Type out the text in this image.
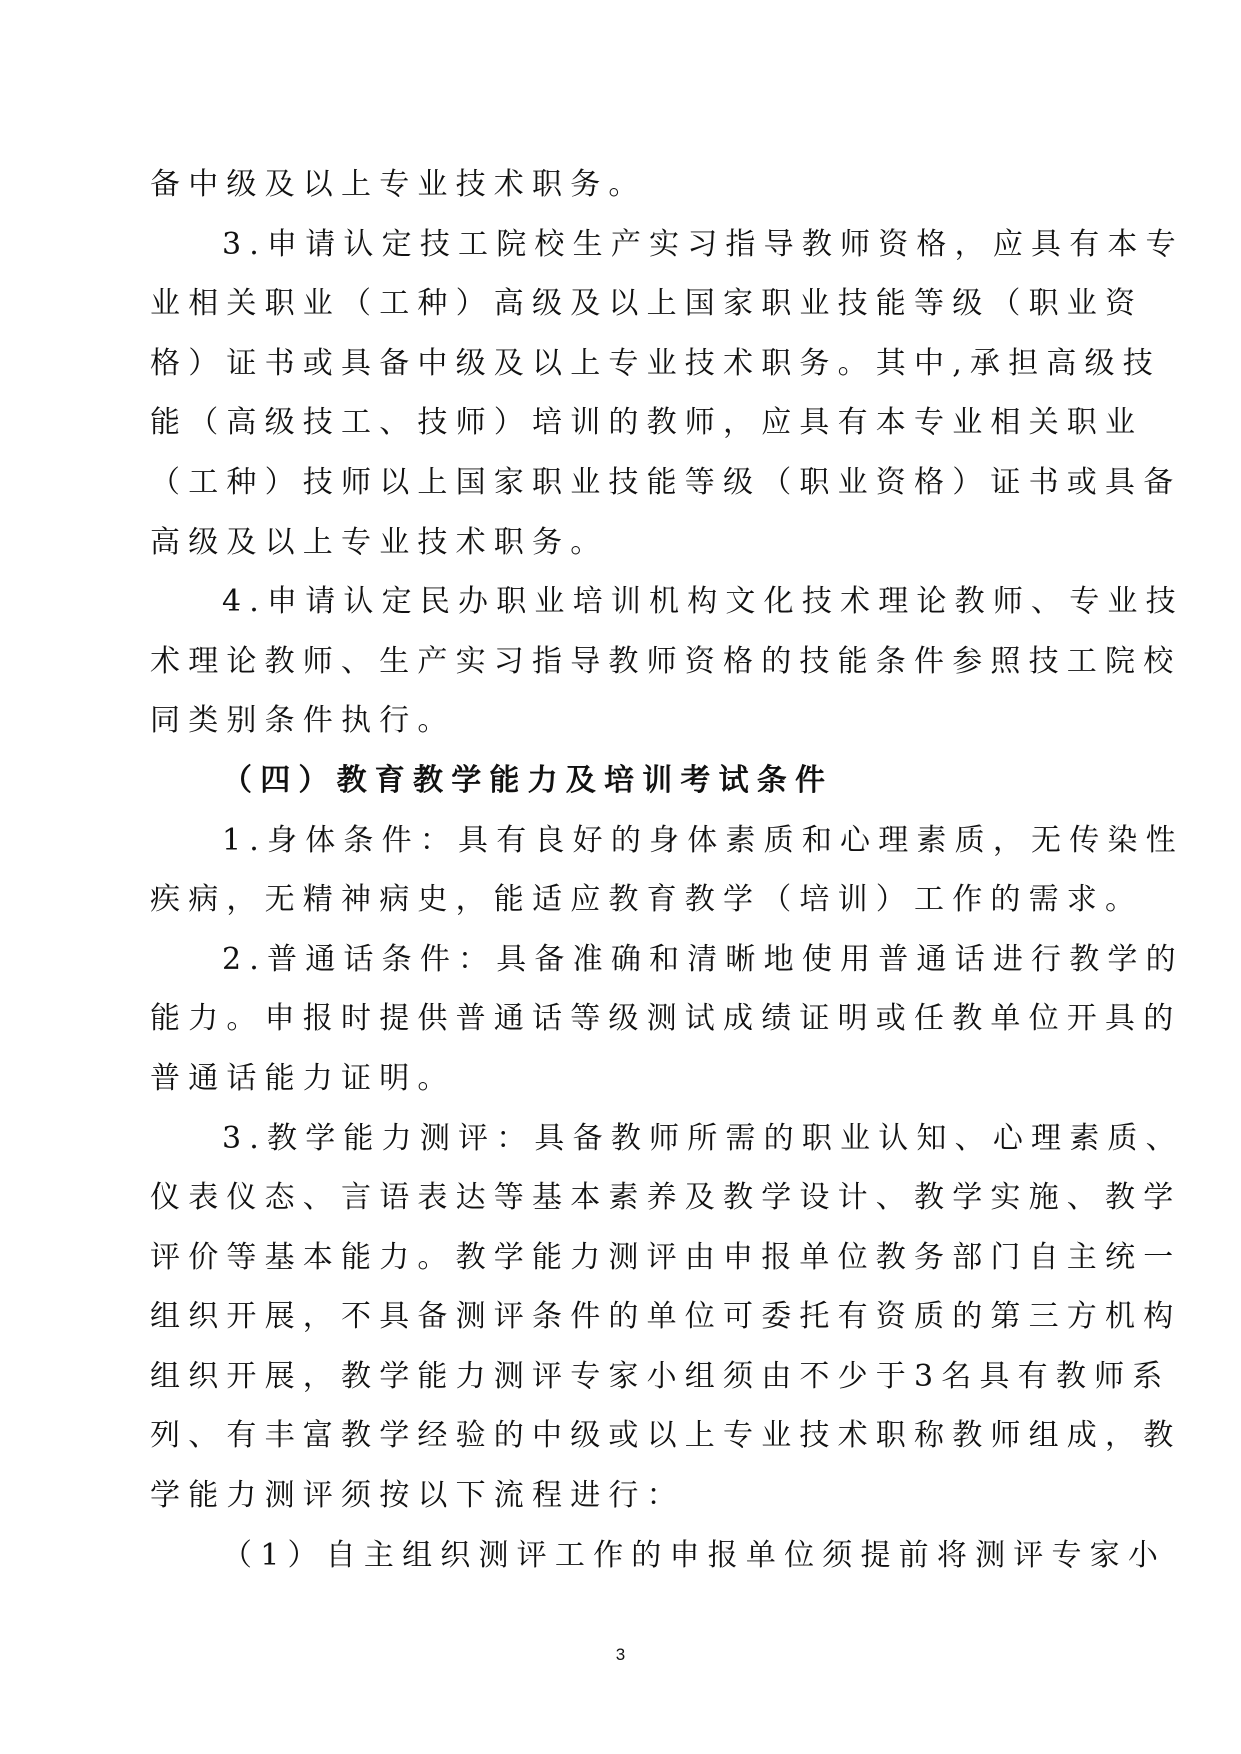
备中级及以上专业技术职务。
3.申请认定技工院校生产实习指导教师资格，应具有本专
业相关职业（工种）高级及以上国家职业技能等级（职业资
格）证书或具备中级及以上专业技术职务。其中,承担高级技
能（高级技工、技师）培训的教师，应具有本专业相关职业
（工种）技师以上国家职业技能等级（职业资格）证书或具备
高级及以上专业技术职务。
4.申请认定民办职业培训机构文化技术理论教师、专业技
术理论教师、生产实习指导教师资格的技能条件参照技工院校
同类别条件执行。
（四）教育教学能力及培训考试条件
1.身体条件：具有良好的身体素质和心理素质，无传染性
疾病，无精神病史，能适应教育教学（培训）工作的需求。
2.普通话条件：具备准确和清晰地使用普通话进行教学的
能力。申报时提供普通话等级测试成绩证明或任教单位开具的
普通话能力证明。
3.教学能力测评：具备教师所需的职业认知、心理素质、
仪表仪态、言语表达等基本素养及教学设计、教学实施、教学
评价等基本能力。教学能力测评由申报单位教务部门自主统一
组织开展，不具备测评条件的单位可委托有资质的第三方机构
组织开展，教学能力测评专家小组须由不少于3名具有教师系
列、有丰富教学经验的中级或以上专业技术职称教师组成，教
学能力测评须按以下流程进行：
（1）自主组织测评工作的申报单位须提前将测评专家小
3
